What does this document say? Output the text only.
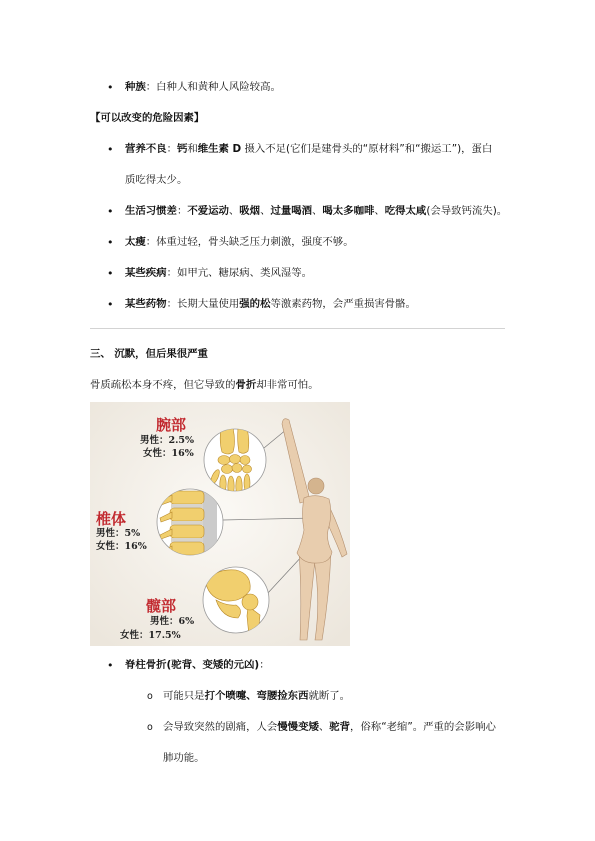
• 种族：白种人和黄种人风险较高。
【可以改变的危险因素】
• 营养不良：钙和维生素 D 摄入不足(它们是建骨头的“原材料”和“搬运工”)，蛋白
质吃得太少。
• 生活习惯差：不爱运动、吸烟、过量喝酒、喝太多咖啡、吃得太咸(会导致钙流失)。
• 太瘦：体重过轻，骨头缺乏压力刺激，强度不够。
• 某些疾病：如甲亢、糖尿病、类风湿等。
• 某些药物：长期大量使用强的松等激素药物，会严重损害骨骼。
三、 沉默，但后果很严重
骨质疏松本身不疼，但它导致的骨折却非常可怕。
腕部
男性：2.5%
女性：16%
椎体
男性：5%
女性：16%
髋部
男性：6%
女性：17.5%
• 脊柱骨折(驼背、变矮的元凶)：
o 可能只是打个喷嚏、弯腰捡东西就断了。
o 会导致突然的剧痛，人会慢慢变矮、驼背，俗称“老缩”。严重的会影响心
肺功能。
